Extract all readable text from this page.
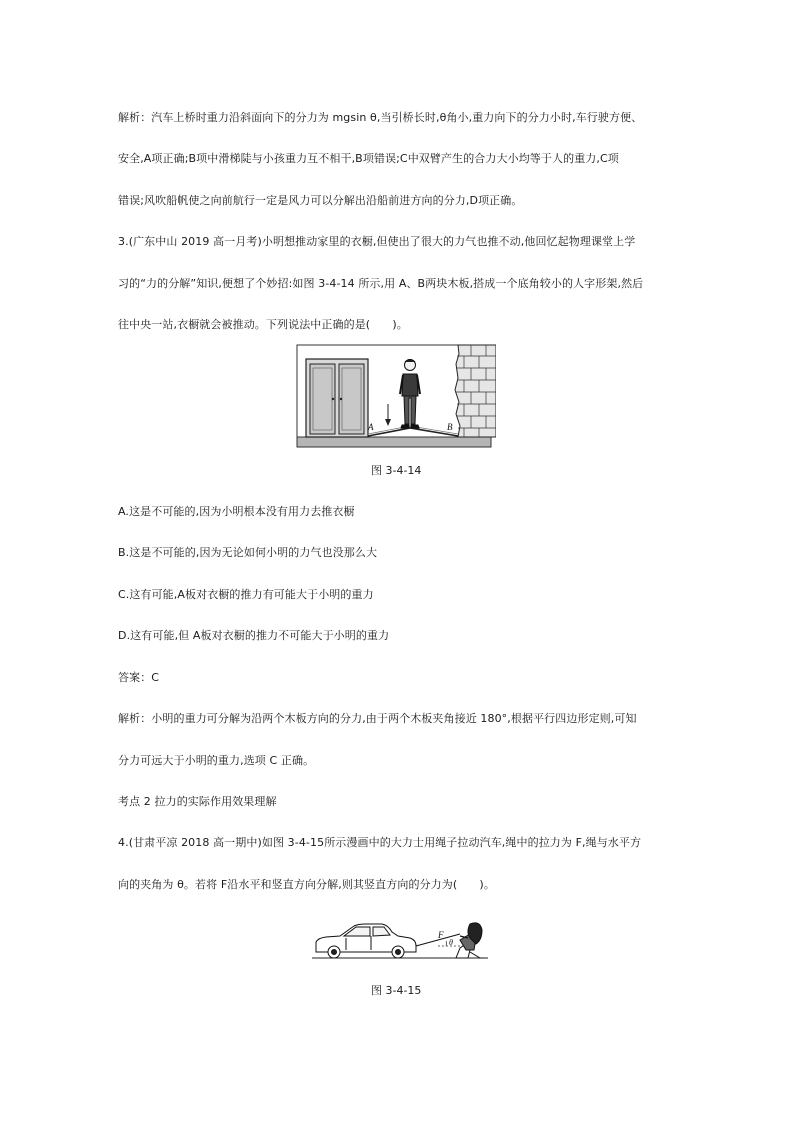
解析：汽车上桥时重力沿斜面向下的分力为 mgsin θ,当引桥长时,θ角小,重力向下的分力小时,车行驶方便、
安全,A项正确;B项中滑梯陡与小孩重力互不相干,B项错误;C中双臂产生的合力大小均等于人的重力,C项
错误;风吹船帆使之向前航行一定是风力可以分解出沿船前进方向的分力,D项正确。
3.(广东中山 2019 高一月考)小明想推动家里的衣橱,但使出了很大的力气也推不动,他回忆起物理课堂上学
习的“力的分解”知识,便想了个妙招:如图 3-4-14 所示,用 A、B两块木板,搭成一个底角较小的人字形架,然后
往中央一站,衣橱就会被推动。下列说法中正确的是(　　)。
A	B
图 3-4-14
A.这是不可能的,因为小明根本没有用力去推衣橱
B.这是不可能的,因为无论如何小明的力气也没那么大
C.这有可能,A板对衣橱的推力有可能大于小明的重力
D.这有可能,但 A板对衣橱的推力不可能大于小明的重力
答案：C
解析：小明的重力可分解为沿两个木板方向的分力,由于两个木板夹角接近 180°,根据平行四边形定则,可知
分力可远大于小明的重力,选项 C 正确。
考点 2 拉力的实际作用效果理解
4.(甘肃平凉 2018 高一期中)如图 3-4-15所示漫画中的大力士用绳子拉动汽车,绳中的拉力为 F,绳与水平方
向的夹角为 θ。若将 F沿水平和竖直方向分解,则其竖直方向的分力为(　　)。
F
θ
图 3-4-15
